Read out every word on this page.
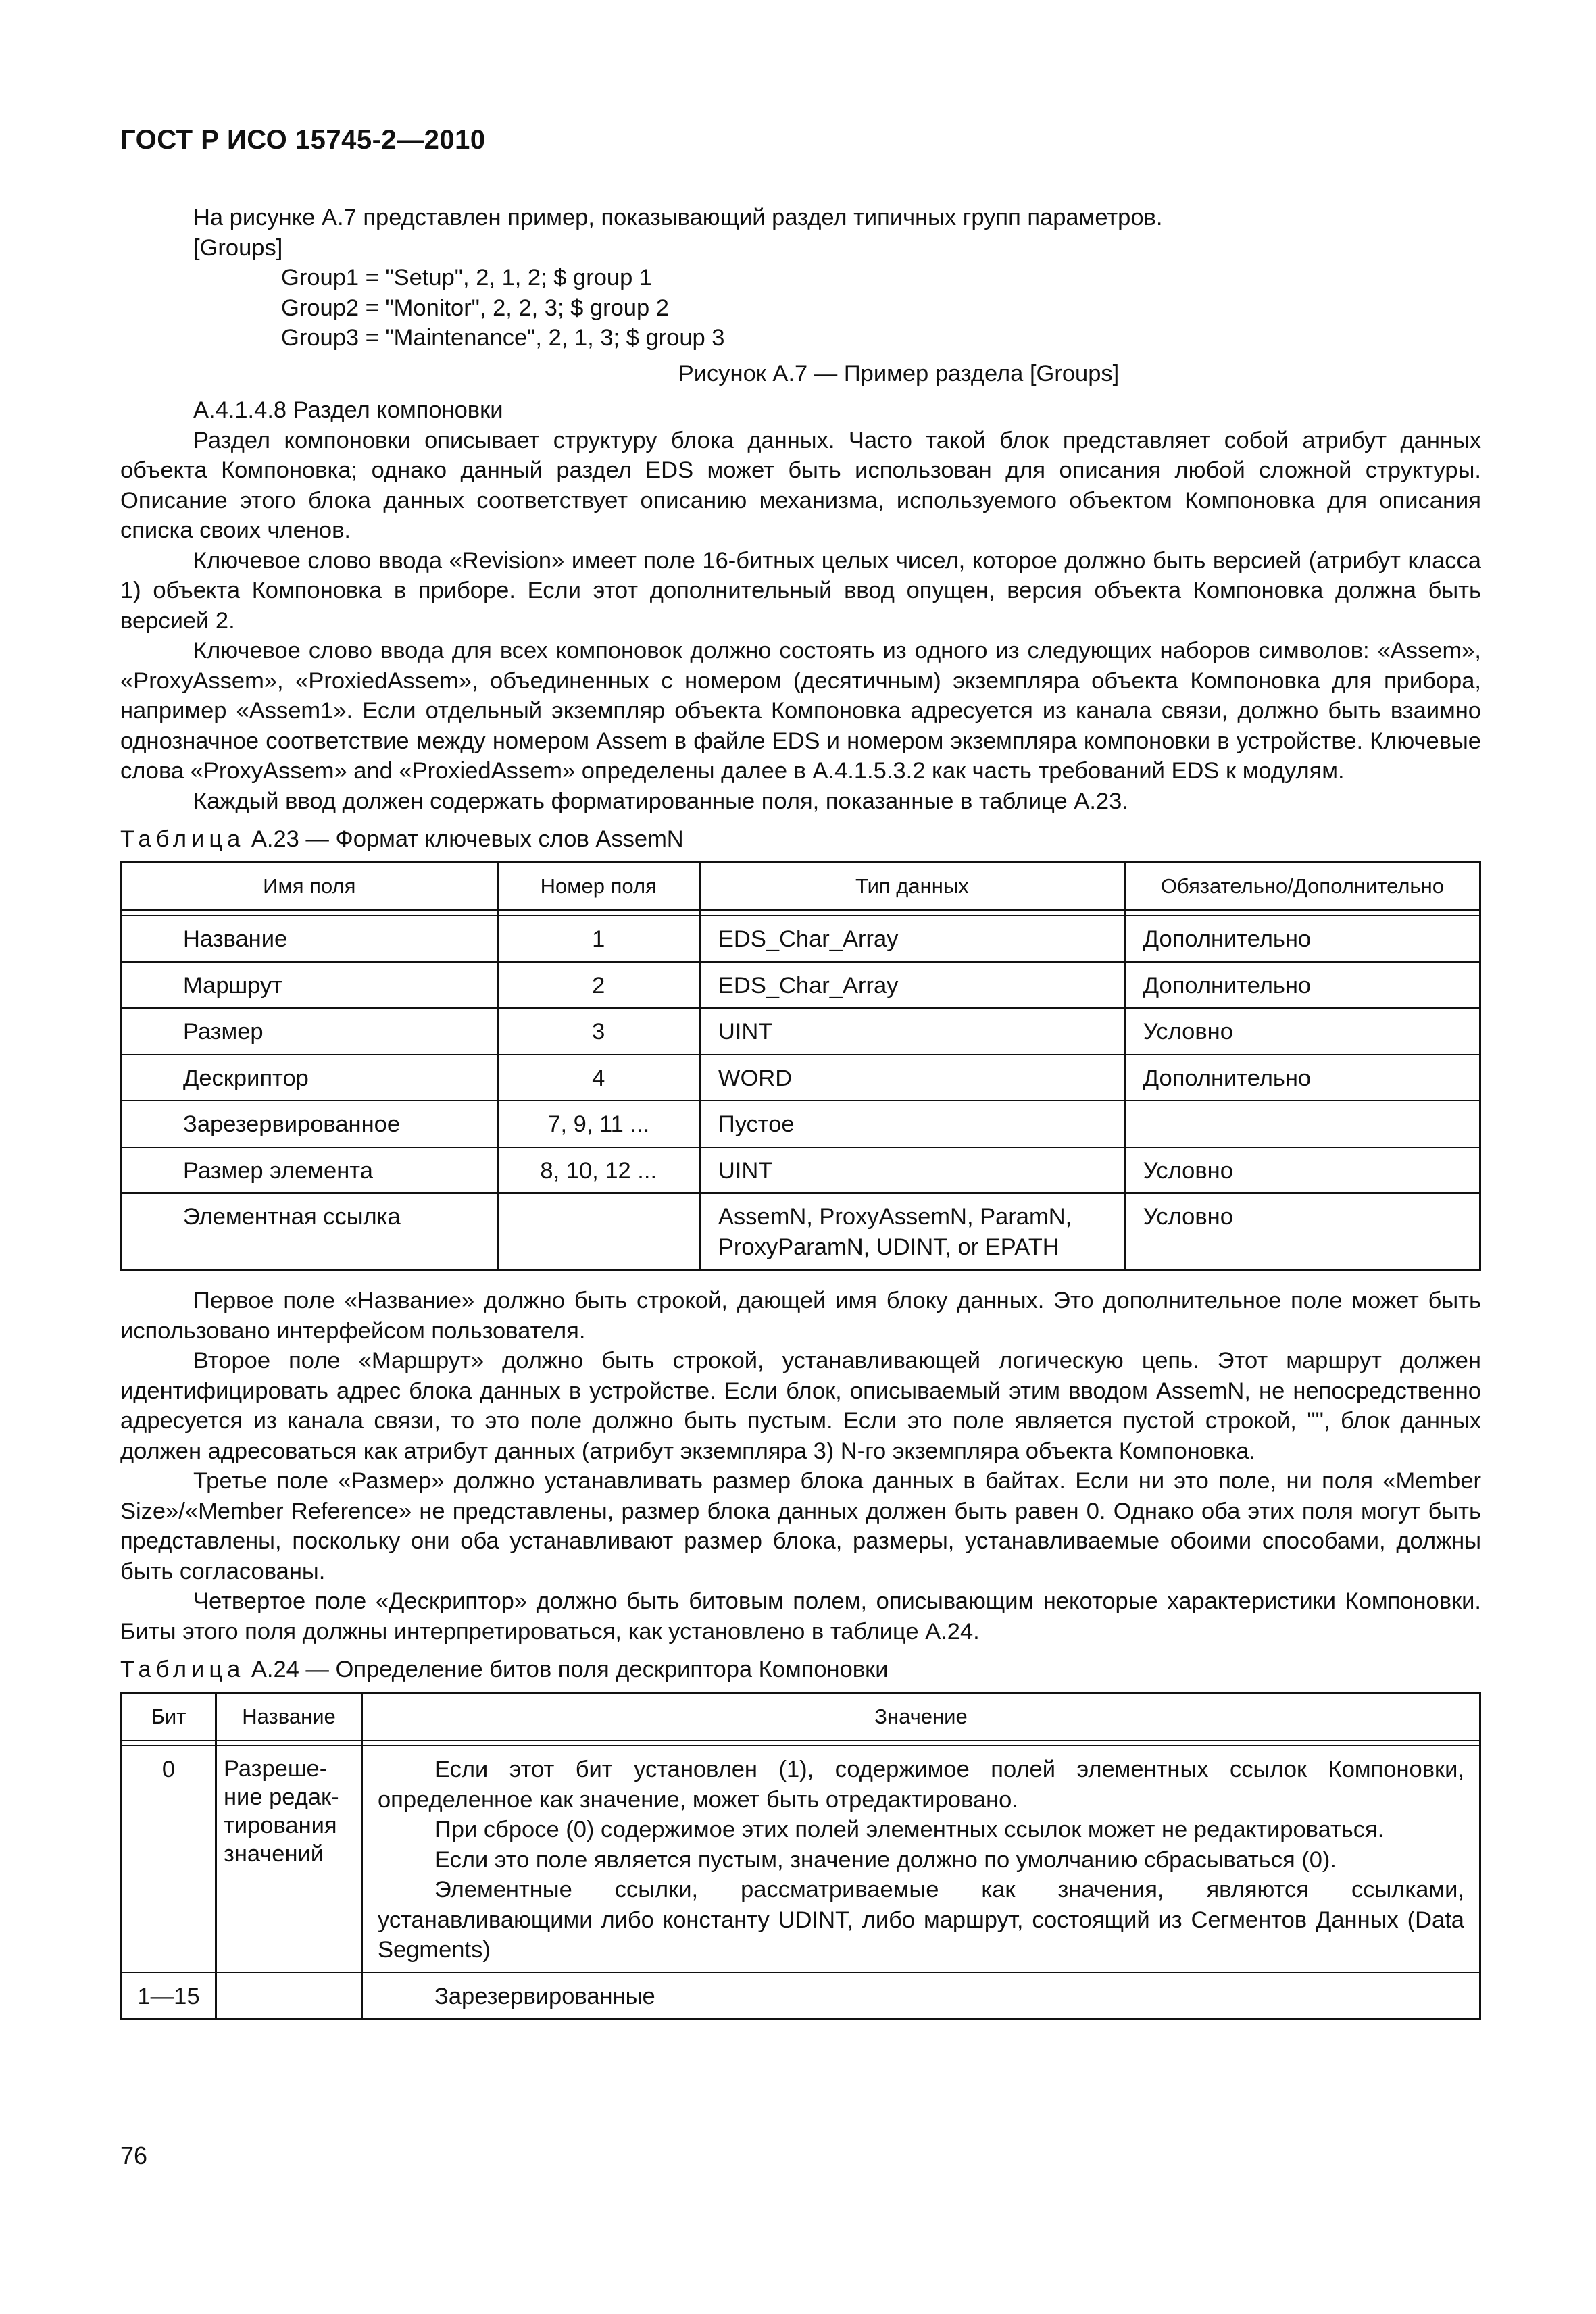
ГОСТ Р ИСО 15745-2—2010

На рисунке А.7 представлен пример, показывающий раздел типичных групп параметров.

[Groups]

Group1 = "Setup", 2, 1, 2; $ group 1

Group2 = "Monitor", 2, 2, 3; $ group 2

Group3 = "Maintenance", 2, 1, 3; $ group 3

Рисунок А.7 — Пример раздела [Groups]

А.4.1.4.8 Раздел компоновки

Раздел компоновки описывает структуру блока данных. Часто такой блок представляет собой атрибут данных объекта Компоновка; однако данный раздел EDS может быть использован для описания любой сложной структуры. Описание этого блока данных соответствует описанию механизма, используемого объектом Компоновка для описания списка своих членов.

Ключевое слово ввода «Revision» имеет поле 16-битных целых чисел, которое должно быть версией (атрибут класса 1) объекта Компоновка в приборе. Если этот дополнительный ввод опущен, версия объекта Компоновка должна быть версией 2.

Ключевое слово ввода для всех компоновок должно состоять из одного из следующих наборов символов: «Assem», «ProxyAssem», «ProxiedAssem», объединенных с номером (десятичным) экземпляра объекта Компоновка для прибора, например «Assem1». Если отдельный экземпляр объекта Компоновка адресуется из канала связи, должно быть взаимно однозначное соответствие между номером Assem в файле EDS и номером экземпляра компоновки в устройстве. Ключевые слова «ProxyAssem» and «ProxiedAssem» определены далее в А.4.1.5.3.2 как часть требований EDS к модулям.

Каждый ввод должен содержать форматированные поля, показанные в таблице А.23.

Таблица А.23 — Формат ключевых слов AssemN

Имя поля	Номер поля	Тип данных	Обязательно/Дополнительно

Название	1	EDS_Char_Array	Дополнительно
Маршрут	2	EDS_Char_Array	Дополнительно
Размер	3	UINT	Условно
Дескриптор	4	WORD	Дополнительно
Зарезервированное	7, 9, 11 ...	Пустое	
Размер элемента	8, 10, 12 ...	UINT	Условно
Элементная ссылка		AssemN, ProxyAssemN, ParamN, ProxyParamN, UDINT, or EPATH	Условно

Первое поле «Название» должно быть строкой, дающей имя блоку данных. Это дополнительное поле может быть использовано интерфейсом пользователя.

Второе поле «Маршрут» должно быть строкой, устанавливающей логическую цепь. Этот маршрут должен идентифицировать адрес блока данных в устройстве. Если блок, описываемый этим вводом AssemN, не непосредственно адресуется из канала связи, то это поле должно быть пустым. Если это поле является пустой строкой, "", блок данных должен адресоваться как атрибут данных (атрибут экземпляра 3) N-го экземпляра объекта Компоновка.

Третье поле «Размер» должно устанавливать размер блока данных в байтах. Если ни это поле, ни поля «Member Size»/«Member Reference» не представлены, размер блока данных должен быть равен 0. Однако оба этих поля могут быть представлены, поскольку они оба устанавливают размер блока, размеры, устанавливаемые обоими способами, должны быть согласованы.

Четвертое поле «Дескриптор» должно быть битовым полем, описывающим некоторые характеристики Компоновки. Биты этого поля должны интерпретироваться, как установлено в таблице А.24.

Таблица А.24 — Определение битов поля дескриптора Компоновки

Бит	Название	Значение

0	Разреше-ние редак-тирования значений	Если этот бит установлен (1), содержимое полей элементных ссылок Компоновки, определенное как значение, может быть отредактировано.

При сбросе (0) содержимое этих полей элементных ссылок может не редактироваться.

Если это поле является пустым, значение должно по умолчанию сбрасываться (0).

Элементные ссылки, рассматриваемые как значения, являются ссылками, устанавливающими либо константу UDINT, либо маршрут, состоящий из Сегментов Данных (Data Segments)

1—15		Зарезервированные

76
